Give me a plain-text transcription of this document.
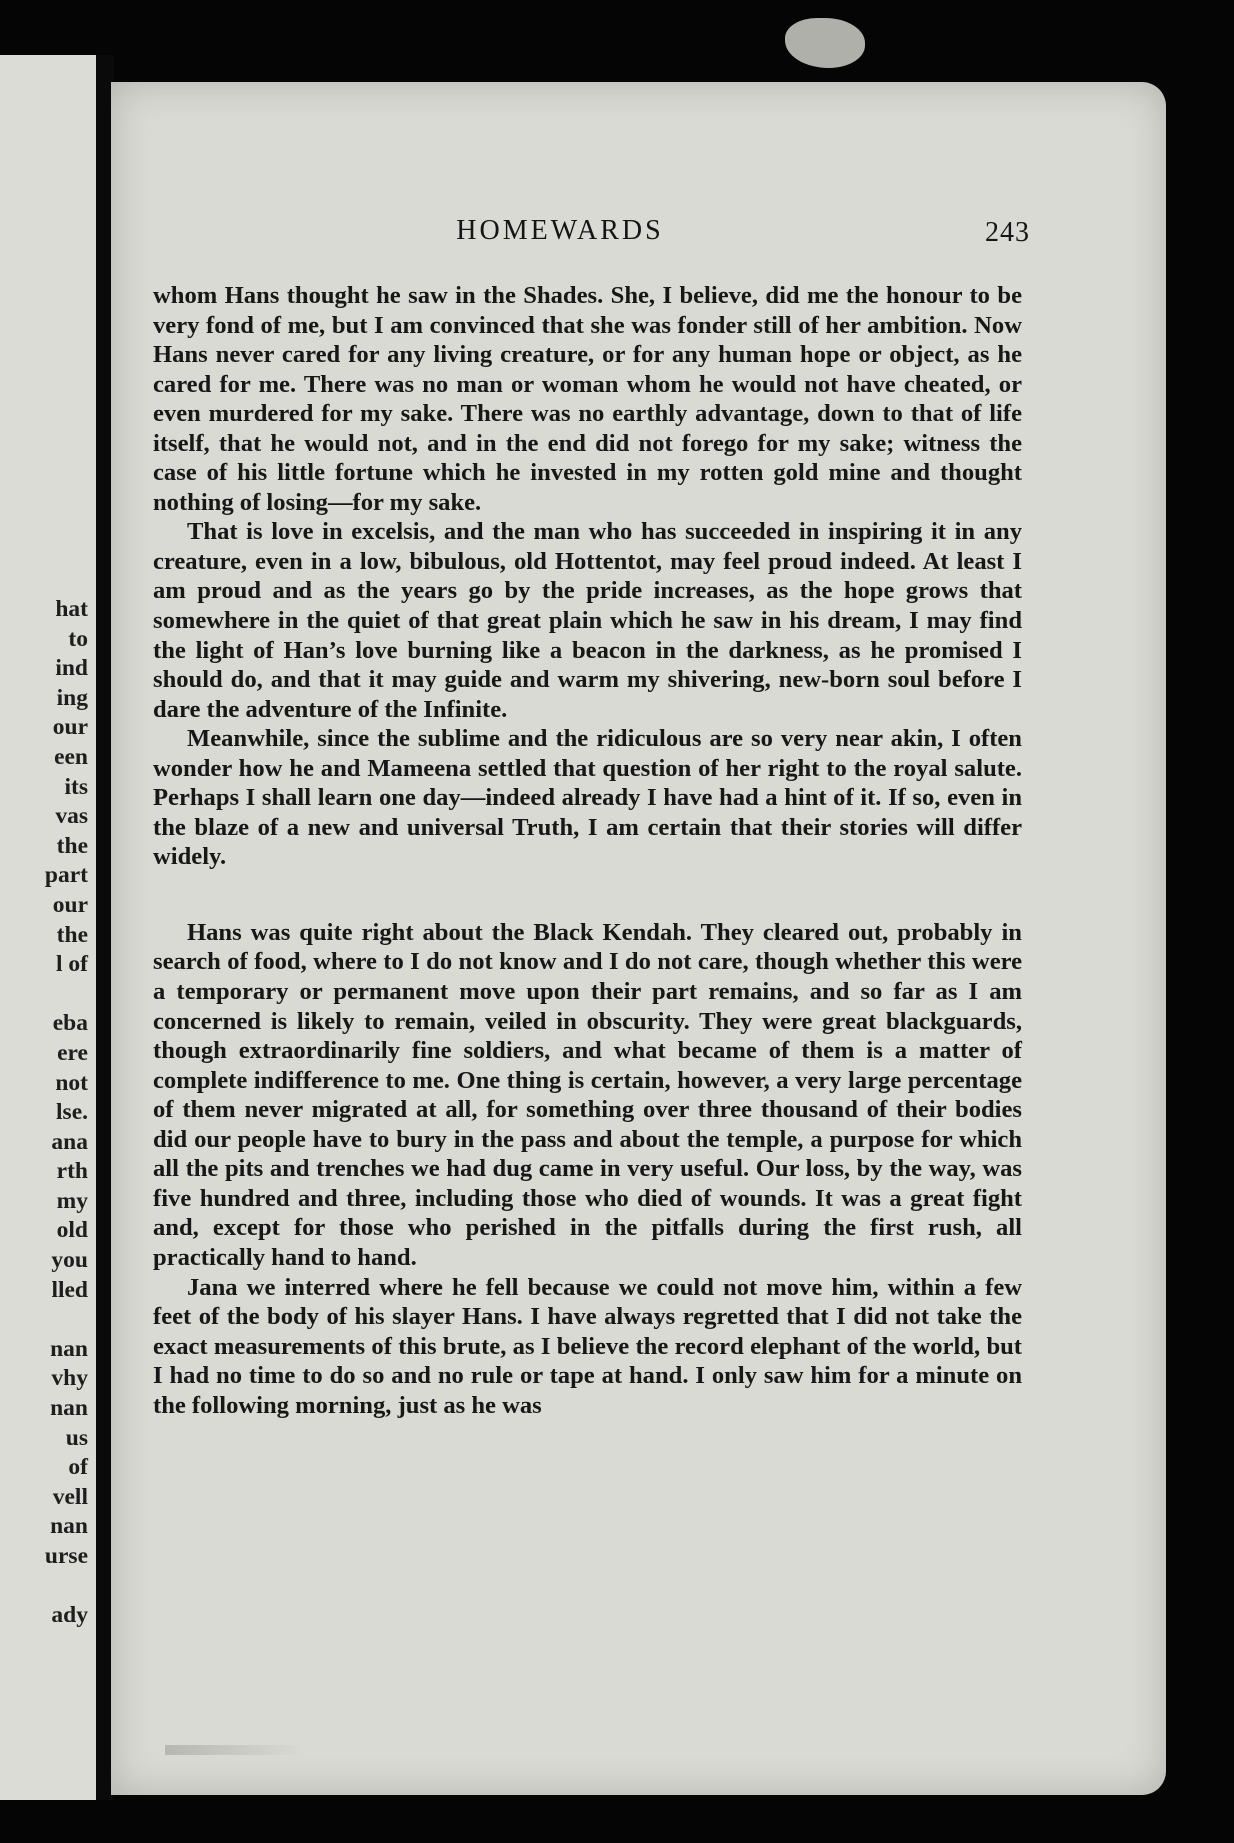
hat
to
ind
ing
our
een
its
vas
the
part
our
the
l of

eba
ere
not
lse.
ana
rth
my
old
you
lled

nan
vhy
nan
us
of
vell
nan
urse

ady
HOMEWARDS	243

whom Hans thought he saw in the Shades. She, I believe, did me the honour to be very fond of me, but I am convinced that she was fonder still of her ambition. Now Hans never cared for any living creature, or for any human hope or object, as he cared for me. There was no man or woman whom he would not have cheated, or even murdered for my sake. There was no earthly advantage, down to that of life itself, that he would not, and in the end did not forego for my sake; witness the case of his little fortune which he invested in my rotten gold mine and thought nothing of losing—for my sake.

That is love in excelsis, and the man who has succeeded in inspiring it in any creature, even in a low, bibulous, old Hottentot, may feel proud indeed. At least I am proud and as the years go by the pride increases, as the hope grows that somewhere in the quiet of that great plain which he saw in his dream, I may find the light of Han’s love burning like a beacon in the darkness, as he promised I should do, and that it may guide and warm my shivering, new-born soul before I dare the adventure of the Infinite.

Meanwhile, since the sublime and the ridiculous are so very near akin, I often wonder how he and Mameena settled that question of her right to the royal salute. Perhaps I shall learn one day—indeed already I have had a hint of it. If so, even in the blaze of a new and universal Truth, I am certain that their stories will differ widely.

Hans was quite right about the Black Kendah. They cleared out, probably in search of food, where to I do not know and I do not care, though whether this were a temporary or permanent move upon their part remains, and so far as I am concerned is likely to remain, veiled in obscurity. They were great blackguards, though extraordinarily fine soldiers, and what became of them is a matter of complete indifference to me. One thing is certain, however, a very large percentage of them never migrated at all, for something over three thousand of their bodies did our people have to bury in the pass and about the temple, a purpose for which all the pits and trenches we had dug came in very useful. Our loss, by the way, was five hundred and three, including those who died of wounds. It was a great fight and, except for those who perished in the pitfalls during the first rush, all practically hand to hand.

Jana we interred where he fell because we could not move him, within a few feet of the body of his slayer Hans. I have always regretted that I did not take the exact measurements of this brute, as I believe the record elephant of the world, but I had no time to do so and no rule or tape at hand. I only saw him for a minute on the following morning, just as he was
